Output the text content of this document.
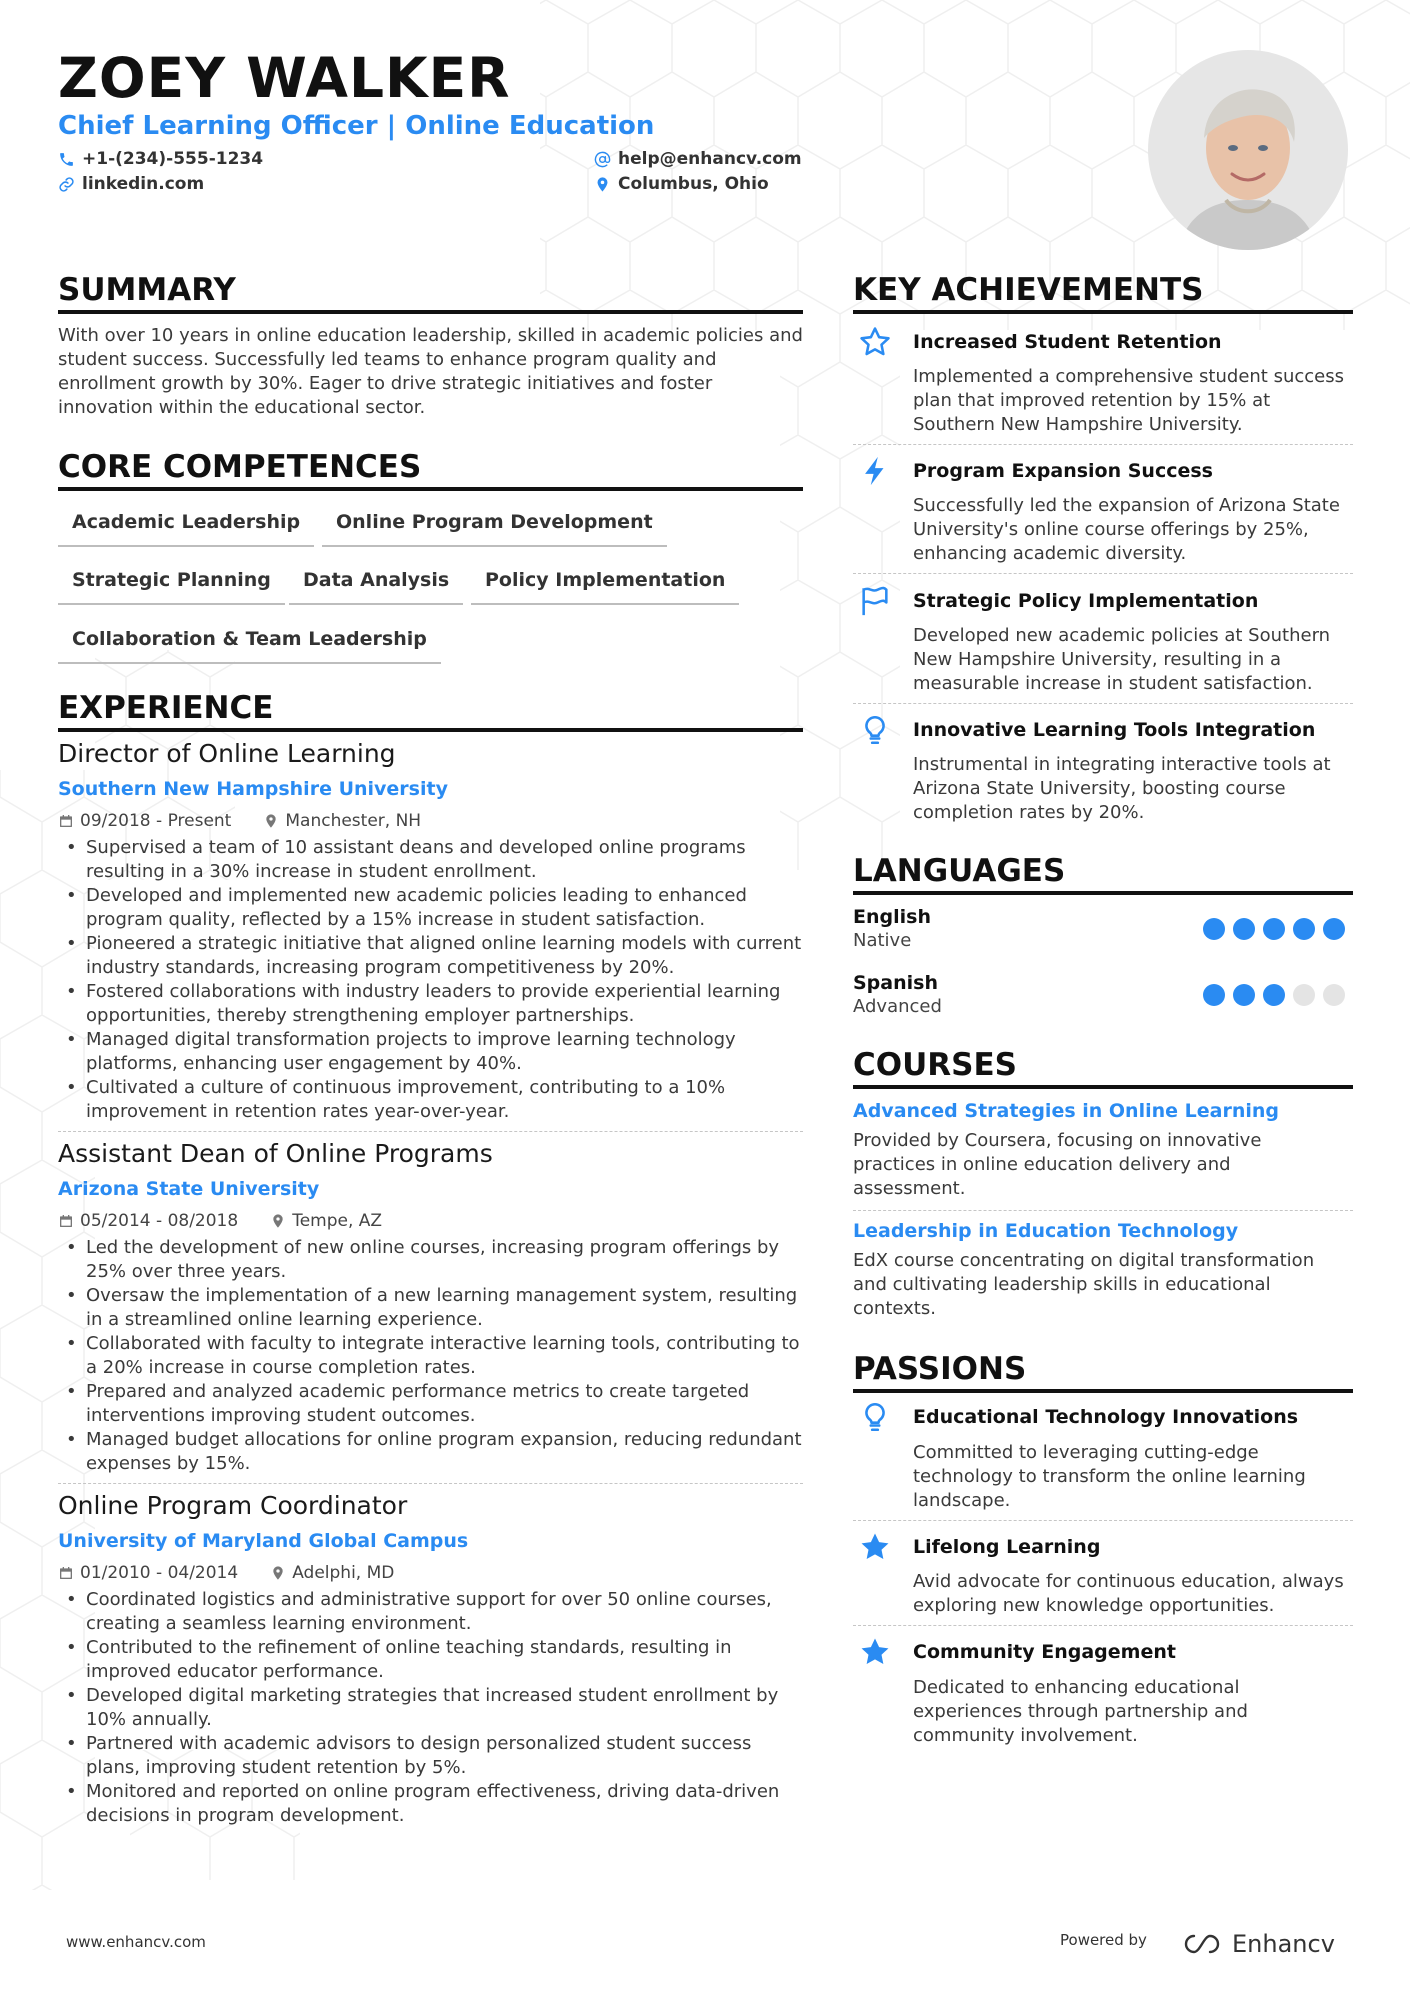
ZOEY WALKER
Chief Learning Officer | Online Education
+1-(234)-555-1234
linkedin.com
help@enhancv.com
Columbus, Ohio
SUMMARY
With over 10 years in online education leadership, skilled in academic policies and student success. Successfully led teams to enhance program quality and enrollment growth by 30%. Eager to drive strategic initiatives and foster innovation within the educational sector.
CORE COMPETENCES
Academic Leadership	Online Program Development
Strategic Planning	Data Analysis	Policy Implementation
Collaboration & Team Leadership
EXPERIENCE
Director of Online Learning
Southern New Hampshire University
09/2018 - Present	Manchester, NH
• Supervised a team of 10 assistant deans and developed online programs resulting in a 30% increase in student enrollment.
• Developed and implemented new academic policies leading to enhanced program quality, reflected by a 15% increase in student satisfaction.
• Pioneered a strategic initiative that aligned online learning models with current industry standards, increasing program competitiveness by 20%.
• Fostered collaborations with industry leaders to provide experiential learning opportunities, thereby strengthening employer partnerships.
• Managed digital transformation projects to improve learning technology platforms, enhancing user engagement by 40%.
• Cultivated a culture of continuous improvement, contributing to a 10% improvement in retention rates year-over-year.
Assistant Dean of Online Programs
Arizona State University
05/2014 - 08/2018	Tempe, AZ
• Led the development of new online courses, increasing program offerings by 25% over three years.
• Oversaw the implementation of a new learning management system, resulting in a streamlined online learning experience.
• Collaborated with faculty to integrate interactive learning tools, contributing to a 20% increase in course completion rates.
• Prepared and analyzed academic performance metrics to create targeted interventions improving student outcomes.
• Managed budget allocations for online program expansion, reducing redundant expenses by 15%.
Online Program Coordinator
University of Maryland Global Campus
01/2010 - 04/2014	Adelphi, MD
• Coordinated logistics and administrative support for over 50 online courses, creating a seamless learning environment.
• Contributed to the refinement of online teaching standards, resulting in improved educator performance.
• Developed digital marketing strategies that increased student enrollment by 10% annually.
• Partnered with academic advisors to design personalized student success plans, improving student retention by 5%.
• Monitored and reported on online program effectiveness, driving data-driven decisions in program development.
KEY ACHIEVEMENTS
Increased Student Retention
Implemented a comprehensive student success plan that improved retention by 15% at Southern New Hampshire University.
Program Expansion Success
Successfully led the expansion of Arizona State University's online course offerings by 25%, enhancing academic diversity.
Strategic Policy Implementation
Developed new academic policies at Southern New Hampshire University, resulting in a measurable increase in student satisfaction.
Innovative Learning Tools Integration
Instrumental in integrating interactive tools at Arizona State University, boosting course completion rates by 20%.
LANGUAGES
English
Native
Spanish
Advanced
COURSES
Advanced Strategies in Online Learning
Provided by Coursera, focusing on innovative practices in online education delivery and assessment.
Leadership in Education Technology
EdX course concentrating on digital transformation and cultivating leadership skills in educational contexts.
PASSIONS
Educational Technology Innovations
Committed to leveraging cutting-edge technology to transform the online learning landscape.
Lifelong Learning
Avid advocate for continuous education, always exploring new knowledge opportunities.
Community Engagement
Dedicated to enhancing educational experiences through partnership and community involvement.
www.enhancv.com	Powered by	Enhancv
